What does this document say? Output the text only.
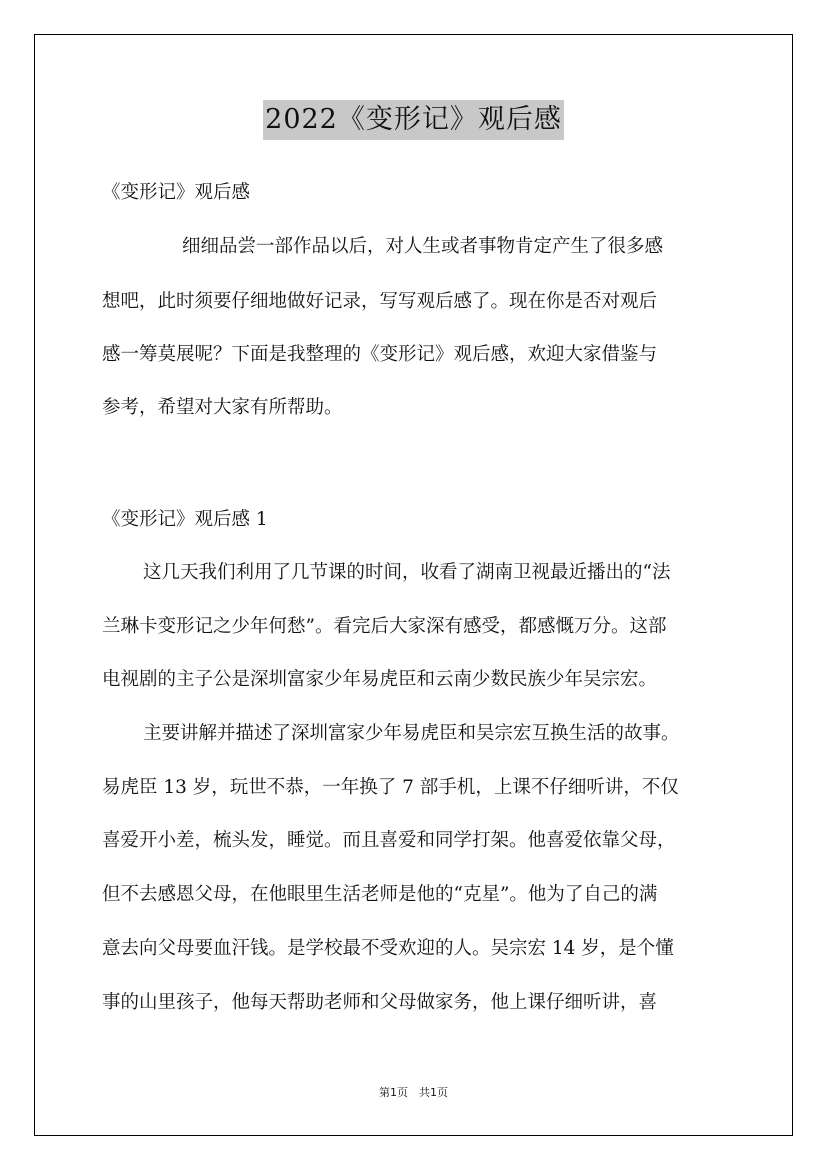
2022《变形记》观后感
《变形记》观后感
细细品尝一部作品以后，对人生或者事物肯定产生了很多感
想吧，此时须要仔细地做好记录，写写观后感了。现在你是否对观后
感一筹莫展呢？下面是我整理的《变形记》观后感，欢迎大家借鉴与
参考，希望对大家有所帮助。
《变形记》观后感 1
这几天我们利用了几节课的时间，收看了湖南卫视最近播出的“法
兰琳卡变形记之少年何愁”。看完后大家深有感受，都感慨万分。这部
电视剧的主子公是深圳富家少年易虎臣和云南少数民族少年吴宗宏。
主要讲解并描述了深圳富家少年易虎臣和吴宗宏互换生活的故事。
易虎臣 13 岁，玩世不恭，一年换了 7 部手机，上课不仔细听讲，不仅
喜爱开小差，梳头发，睡觉。而且喜爱和同学打架。他喜爱依靠父母，
但不去感恩父母，在他眼里生活老师是他的“克星”。他为了自己的满
意去向父母要血汗钱。是学校最不受欢迎的人。吴宗宏 14 岁，是个懂
事的山里孩子，他每天帮助老师和父母做家务，他上课仔细听讲，喜
第1页　共1页
